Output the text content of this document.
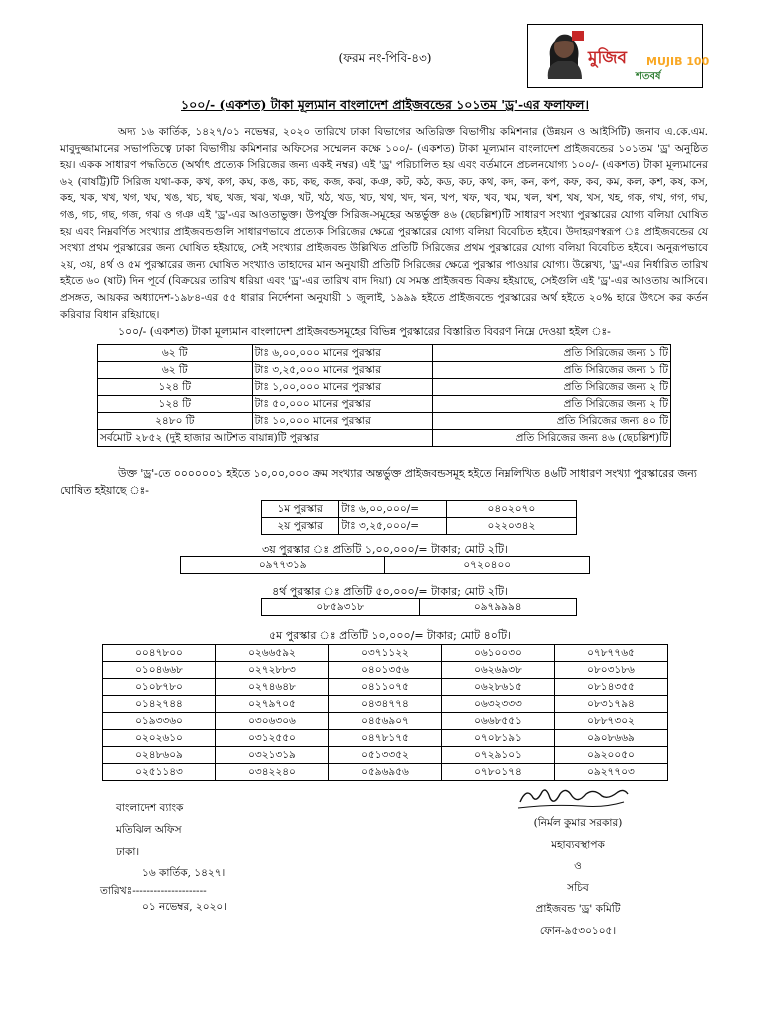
(ফরম নং-পিবি-৪৩)	মুজিব
শতবর্ষ
MUJIB 100
১০০/- (একশত) টাকা মূল্যমান বাংলাদেশ প্রাইজবন্ডের ১০১তম 'ড্র'-এর ফলাফল।
অদ্য ১৬ কার্তিক, ১৪২৭/০১ নভেম্বর, ২০২০ তারিখে ঢাকা বিভাগের অতিরিক্ত বিভাগীয় কমিশনার (উন্নয়ন ও আইসিটি) জনাব এ.কে.এম. মাবুদুজ্জামানের সভাপতিত্বে ঢাকা বিভাগীয় কমিশনার অফিসের সম্মেলন কক্ষে ১০০/- (একশত) টাকা মূল্যমান বাংলাদেশ প্রাইজবন্ডের ১০১তম 'ড্র' অনুষ্ঠিত হয়। একক সাধারণ পদ্ধতিতে (অর্থাৎ প্রত্যেক সিরিজের জন্য একই নম্বর) এই 'ড্র' পরিচালিত হয় এবং বর্তমানে প্রচলনযোগ্য ১০০/- (একশত) টাকা মূল্যমানের ৬২ (বাষট্টি)টি সিরিজ যথা-কক, কখ, কগ, কঘ, কঙ, কচ, কছ, কজ, কঝ, কঞ, কট, কঠ, কড, কঢ, কথ, কদ, কন, কপ, কফ, কব, কম, কল, কশ, কষ, কস, কহ, খক, খখ, খগ, খঘ, খঙ, খচ, খছ, খজ, খঝ, খঞ, খট, খঠ, খড, খঢ, খথ, খদ, খন, খপ, খফ, খব, খম, খল, খশ, খষ, খস, খহ, গক, গখ, গগ, গঘ, গঙ, গচ, গছ, গজ, গঝ ও গঞ এই 'ড্র'-এর আওতাভুক্ত। উপর্যুক্ত সিরিজ-সমূহের অন্তর্ভুক্ত ৪৬ (ছেচল্লিশ)টি সাধারণ সংখ্যা পুরস্কারের যোগ্য বলিয়া ঘোষিত হয় এবং নিম্নবর্ণিত সংখ্যার প্রাইজবন্ডগুলি সাধারণভাবে প্রত্যেক সিরিজের ক্ষেত্রে পুরস্কারের যোগ্য বলিয়া বিবেচিত হইবে। উদাহরণস্বরূপ ঃ প্রাইজবন্ডের যে সংখ্যা প্রথম পুরস্কারের জন্য ঘোষিত হইয়াছে, সেই সংখ্যার প্রাইজবন্ড উল্লিখিত প্রতিটি সিরিজের প্রথম পুরস্কারের যোগ্য বলিয়া বিবেচিত হইবে। অনুরূপভাবে ২য়, ৩য়, ৪র্থ ও ৫ম পুরস্কারের জন্য ঘোষিত সংখ্যাও তাহাদের মান অনুযায়ী প্রতিটি সিরিজের ক্ষেত্রে পুরস্কার পাওয়ার যোগ্য। উল্লেখ্য, 'ড্র'-এর নির্ধারিত তারিখ হইতে ৬০ (ষাট) দিন পূর্বে (বিক্রয়ের তারিখ ধরিয়া এবং 'ড্র'-এর তারিখ বাদ দিয়া) যে সমস্ত প্রাইজবন্ড বিক্রয় হইয়াছে, সেইগুলি এই 'ড্র'-এর আওতায় আসিবে। প্রসঙ্গত, আয়কর অধ্যাদেশ-১৯৮৪-এর ৫৫ ধারার নির্দেশনা অনুযায়ী ১ জুলাই, ১৯৯৯ হইতে প্রাইজবন্ডে পুরস্কারের অর্থ হইতে ২০% হারে উৎসে কর কর্তন করিবার বিধান রহিয়াছে।
১০০/- (একশত) টাকা মূল্যমান বাংলাদেশ প্রাইজবন্ডসমূহের বিভিন্ন পুরস্কারের বিস্তারিত বিবরণ নিম্নে দেওয়া হইল ঃ-
৬২ টি	টাঃ ৬,০০,০০০ মানের পুরস্কার	প্রতি সিরিজের জন্য ১ টি
৬২ টি	টাঃ ৩,২৫,০০০ মানের পুরস্কার	প্রতি সিরিজের জন্য ১ টি
১২৪ টি	টাঃ ১,০০,০০০ মানের পুরস্কার	প্রতি সিরিজের জন্য ২ টি
১২৪ টি	টাঃ ৫০,০০০ মানের পুরস্কার	প্রতি সিরিজের জন্য ২ টি
২৪৮০ টি	টাঃ ১০,০০০ মানের পুরস্কার	প্রতি সিরিজের জন্য ৪০ টি
সর্বমোট ২৮৫২ (দুই হাজার আটশত বায়ান্ন)টি পুরস্কার		প্রতি সিরিজের জন্য ৪৬ (ছেচল্লিশ)টি
উক্ত 'ড্র'-তে ০০০০০০১ হইতে ১০,০০,০০০ ক্রম সংখ্যার অন্তর্ভুক্ত প্রাইজবন্ডসমূহ হইতে নিম্নলিখিত ৪৬টি সাধারণ সংখ্যা পুরস্কারের জন্য ঘোষিত হইয়াছে ঃ-
১ম পুরস্কার	টাঃ ৬,০০,০০০/=	০৪০২০৭০
২য় পুরস্কার	টাঃ ৩,২৫,০০০/=	০২২০৩৪২
৩য় পুরস্কার ঃ প্রতিটি ১,০০,০০০/= টাকার; মোট ২টি।
০৯৭৭৩১৯	০৭২০৪০০
৪র্থ পুরস্কার ঃ প্রতিটি ৫০,০০০/= টাকার; মোট ২টি।
০৮৫৯৩১৮	০৯৭৯৯৯৪
৫ম পুরস্কার ঃ প্রতিটি ১০,০০০/= টাকার; মোট ৪০টি।
০০৪৭৮০০	০২৬৬৫৯২	০৩৭১১২২	০৬১০০৩০	০৭৮৭৭৬৫
০১০৪৬৬৮	০২৭২৮৮৩	০৪০১৩৫৬	০৬২৬৯৩৮	০৮০৩১৮৬
০১০৮৭৮০	০২৭৪৬৪৮	০৪১১০৭৫	০৬২৮৬১৫	০৮১৪৩৫৫
০১৪২৭৪৪	০২৭৯৭০৫	০৪৩৪৭৭৪	০৬৩২৩৩৩	০৮৩১৭৯৪
০১৯৩৩৬০	০৩০৬৩০৬	০৪৫৬৯০৭	০৬৬৮৫৫১	০৮৮৭৩০২
০২০২৬১০	০৩১২৫৫০	০৪৭৮১৭৫	০৭০৮১৯১	০৯০৮৬৬৯
০২৪৮৬০৯	০৩২১৩১৯	০৫১৩৩৫২	০৭২৯১০১	০৯২০০৫০
০২৫১১৪৩	০৩৪২২৪০	০৫৯৬৯৫৬	০৭৮০১৭৪	০৯২৭৭০৩
বাংলাদেশ ব্যাংক
মতিঝিল অফিস
ঢাকা।
১৬ কার্তিক, ১৪২৭।
তারিখঃ---------------------
০১ নভেম্বর, ২০২০।
(নির্মল কুমার সরকার)
মহাব্যবস্থাপক
ও
সচিব
প্রাইজবন্ড 'ড্র' কমিটি
ফোন-৯৫৩০১০৫।
